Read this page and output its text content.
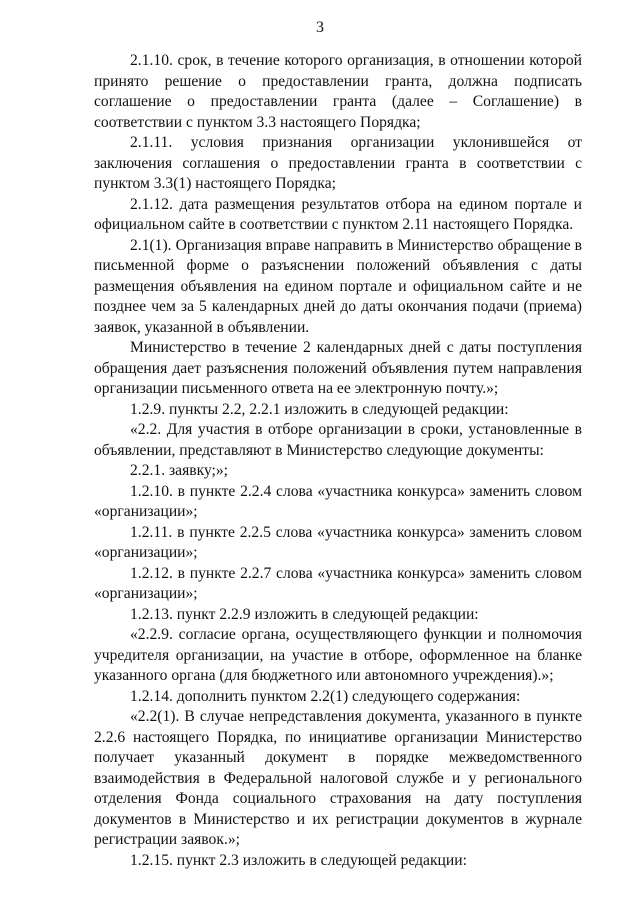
3

2.1.10. срок, в течение которого организация, в отношении которой принято решение о предоставлении гранта, должна подписать соглашение о предоставлении гранта (далее – Соглашение) в соответствии с пунктом 3.3 настоящего Порядка;

2.1.11. условия признания организации уклонившейся от заключения соглашения о предоставлении гранта в соответствии с пунктом 3.3(1) настоящего Порядка;

2.1.12. дата размещения результатов отбора на едином портале и официальном сайте в соответствии с пунктом 2.11 настоящего Порядка.

2.1(1). Организация вправе направить в Министерство обращение в письменной форме о разъяснении положений объявления с даты размещения объявления на едином портале и официальном сайте и не позднее чем за 5 календарных дней до даты окончания подачи (приема) заявок, указанной в объявлении.

Министерство в течение 2 календарных дней с даты поступления обращения дает разъяснения положений объявления путем направления организации письменного ответа на ее электронную почту.»;

1.2.9. пункты 2.2, 2.2.1 изложить в следующей редакции:

«2.2. Для участия в отборе организации в сроки, установленные в объявлении, представляют в Министерство следующие документы:

2.2.1. заявку;»;

1.2.10. в пункте 2.2.4 слова «участника конкурса» заменить словом «организации»;

1.2.11. в пункте 2.2.5 слова «участника конкурса» заменить словом «организации»;

1.2.12. в пункте 2.2.7 слова «участника конкурса» заменить словом «организации»;

1.2.13. пункт 2.2.9 изложить в следующей редакции:

«2.2.9. согласие органа, осуществляющего функции и полномочия учредителя организации, на участие в отборе, оформленное на бланке указанного органа (для бюджетного или автономного учреждения).»;

1.2.14. дополнить пунктом 2.2(1) следующего содержания:

«2.2(1). В случае непредставления документа, указанного в пункте 2.2.6 настоящего Порядка, по инициативе организации Министерство получает указанный документ в порядке межведомственного взаимодействия в Федеральной налоговой службе и у регионального отделения Фонда социального страхования на дату поступления документов в Министерство и их регистрации документов в журнале регистрации заявок.»;

1.2.15. пункт 2.3 изложить в следующей редакции:
